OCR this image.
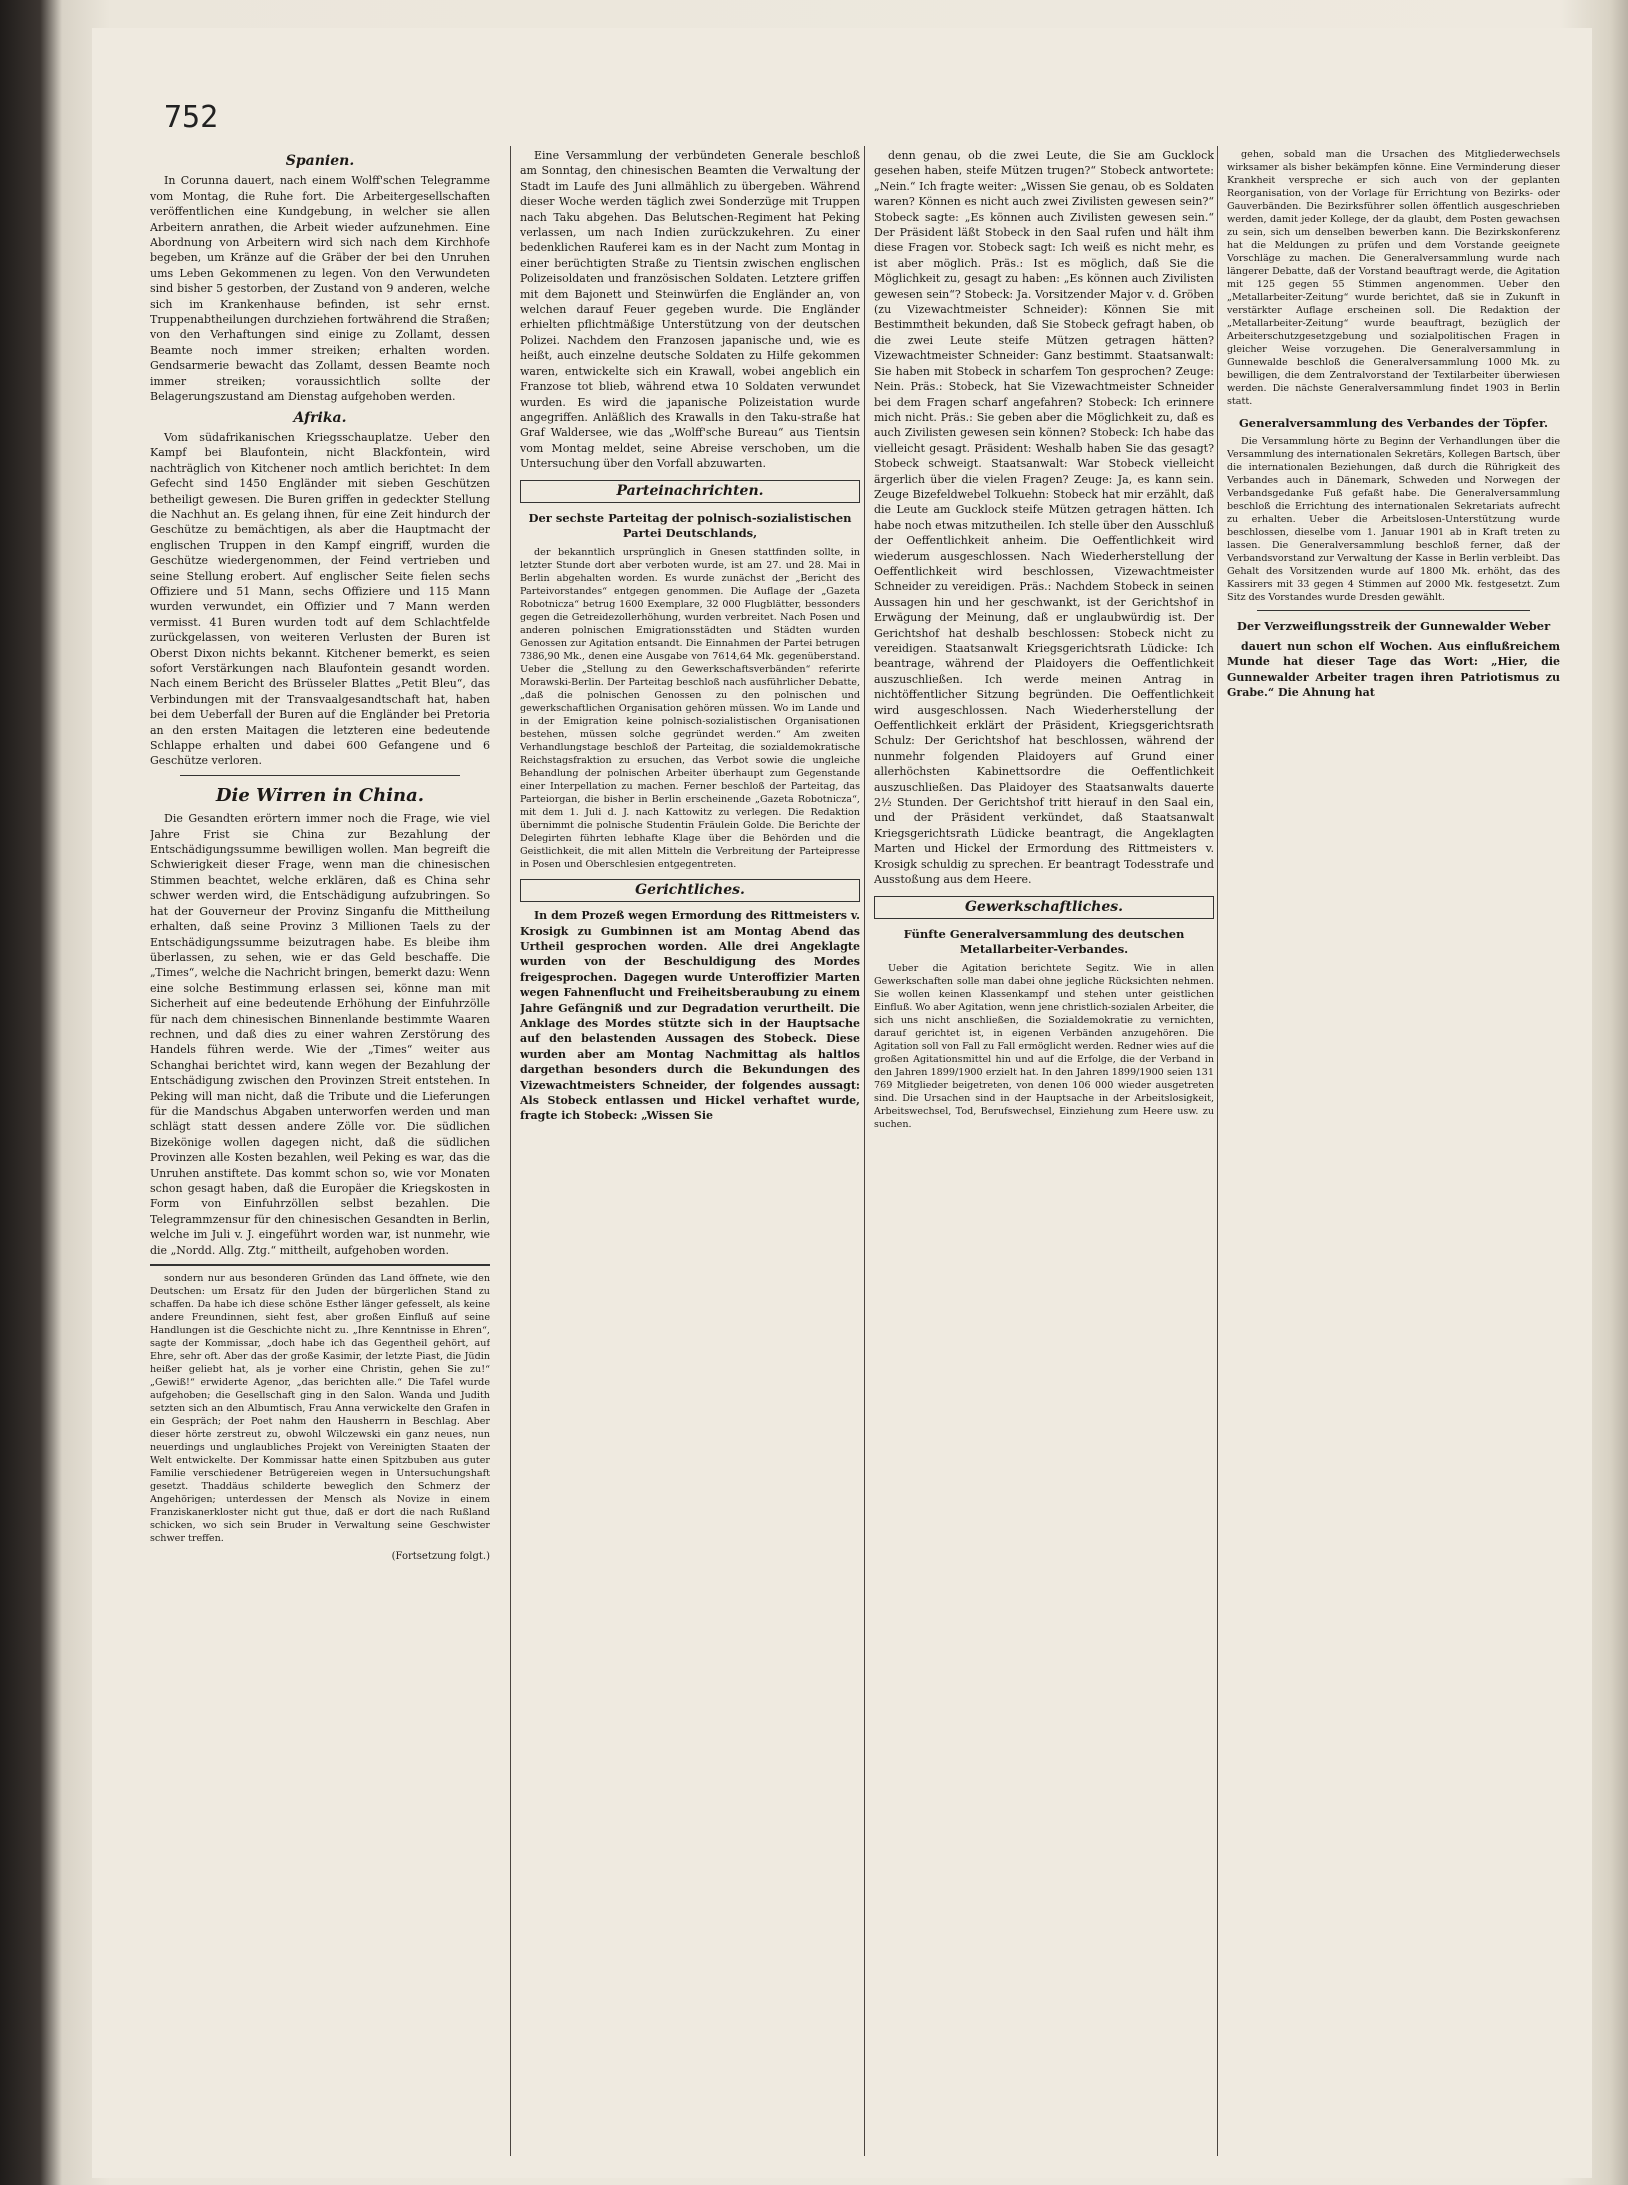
752
Spanien.

In Corunna dauert, nach einem Wolff'schen Telegramme vom Montag, die Ruhe fort. Die Arbeitergesellschaften veröffentlichen eine Kundgebung, in welcher sie allen Arbeitern anrathen, die Arbeit wieder aufzunehmen. Eine Abordnung von Arbeitern wird sich nach dem Kirchhofe begeben, um Kränze auf die Gräber der bei den Unruhen ums Leben Gekommenen zu legen. Von den Verwundeten sind bisher 5 gestorben, der Zustand von 9 anderen, welche sich im Krankenhause befinden, ist sehr ernst. Truppenabtheilungen durchziehen fortwährend die Straßen; von den Verhaftungen sind einige zu Zollamt, dessen Beamte noch immer streiken; erhalten worden. Gendsarmerie bewacht das Zollamt, dessen Beamte noch immer streiken; voraussichtlich sollte der Belagerungszustand am Dienstag aufgehoben werden.

Afrika.

Vom südafrikanischen Kriegsschauplatze. Ueber den Kampf bei Blaufontein, nicht Blackfontein, wird nachträglich von Kitchener noch amtlich berichtet: In dem Gefecht sind 1450 Engländer mit sieben Geschützen betheiligt gewesen. Die Buren griffen in gedeckter Stellung die Nachhut an. Es gelang ihnen, für eine Zeit hindurch der Geschütze zu bemächtigen, als aber die Hauptmacht der englischen Truppen in den Kampf eingriff, wurden die Geschütze wiedergenommen, der Feind vertrieben und seine Stellung erobert. Auf englischer Seite fielen sechs Offiziere und 51 Mann, sechs Offiziere und 115 Mann wurden verwundet, ein Offizier und 7 Mann werden vermisst. 41 Buren wurden todt auf dem Schlachtfelde zurückgelassen, von weiteren Verlusten der Buren ist Oberst Dixon nichts bekannt. Kitchener bemerkt, es seien sofort Verstärkungen nach Blaufontein gesandt worden. Nach einem Bericht des Brüsseler Blattes „Petit Bleu“, das Verbindungen mit der Transvaalgesandtschaft hat, haben bei dem Ueberfall der Buren auf die Engländer bei Pretoria an den ersten Maitagen die letzteren eine bedeutende Schlappe erhalten und dabei 600 Gefangene und 6 Geschütze verloren.

Die Wirren in China.

Die Gesandten erörtern immer noch die Frage, wie viel Jahre Frist sie China zur Bezahlung der Entschädigungssumme bewilligen wollen. Man begreift die Schwierigkeit dieser Frage, wenn man die chinesischen Stimmen beachtet, welche erklären, daß es China sehr schwer werden wird, die Entschädigung aufzubringen. So hat der Gouverneur der Provinz Singanfu die Mittheilung erhalten, daß seine Provinz 3 Millionen Taels zu der Entschädigungssumme beizutragen habe. Es bleibe ihm überlassen, zu sehen, wie er das Geld beschaffe. Die „Times“, welche die Nachricht bringen, bemerkt dazu: Wenn eine solche Bestimmung erlassen sei, könne man mit Sicherheit auf eine bedeutende Erhöhung der Einfuhrzölle für nach dem chinesischen Binnenlande bestimmte Waaren rechnen, und daß dies zu einer wahren Zerstörung des Handels führen werde. Wie der „Times“ weiter aus Schanghai berichtet wird, kann wegen der Bezahlung der Entschädigung zwischen den Provinzen Streit entstehen. In Peking will man nicht, daß die Tribute und die Lieferungen für die Mandschus Abgaben unterworfen werden und man schlägt statt dessen andere Zölle vor. Die südlichen Bizekönige wollen dagegen nicht, daß die südlichen Provinzen alle Kosten bezahlen, weil Peking es war, das die Unruhen anstiftete. Das kommt schon so, wie vor Monaten schon gesagt haben, daß die Europäer die Kriegskosten in Form von Einfuhrzöllen selbst bezahlen. Die Telegrammzensur für den chinesischen Gesandten in Berlin, welche im Juli v. J. eingeführt worden war, ist nunmehr, wie die „Nordd. Allg. Ztg.“ mittheilt, aufgehoben worden.

sondern nur aus besonderen Gründen das Land öffnete, wie den Deutschen: um Ersatz für den Juden der bürgerlichen Stand zu schaffen. Da habe ich diese schöne Esther länger gefesselt, als keine andere Freundinnen, sieht fest, aber großen Einfluß auf seine Handlungen ist die Geschichte nicht zu. „Ihre Kenntnisse in Ehren“, sagte der Kommissar, „doch habe ich das Gegentheil gehört, auf Ehre, sehr oft. Aber das der große Kasimir, der letzte Piast, die Jüdin heißer geliebt hat, als je vorher eine Christin, gehen Sie zu!“ „Gewiß!“ erwiderte Agenor, „das berichten alle.“ Die Tafel wurde aufgehoben; die Gesellschaft ging in den Salon. Wanda und Judith setzten sich an den Albumtisch, Frau Anna verwickelte den Grafen in ein Gespräch; der Poet nahm den Hausherrn in Beschlag. Aber dieser hörte zerstreut zu, obwohl Wilczewski ein ganz neues, nun neuerdings und unglaubliches Projekt von Vereinigten Staaten der Welt entwickelte. Der Kommissar hatte einen Spitzbuben aus guter Familie verschiedener Betrügereien wegen in Untersuchungshaft gesetzt. Thaddäus schilderte beweglich den Schmerz der Angehörigen; unterdessen der Mensch als Novize in einem Franziskanerkloster nicht gut thue, daß er dort die nach Rußland schicken, wo sich sein Bruder in Verwaltung seine Geschwister schwer treffen.

(Fortsetzung folgt.)

Eine Versammlung der verbündeten Generale beschloß am Sonntag, den chinesischen Beamten die Verwaltung der Stadt im Laufe des Juni allmählich zu übergeben. Während dieser Woche werden täglich zwei Sonderzüge mit Truppen nach Taku abgehen. Das Belutschen-Regiment hat Peking verlassen, um nach Indien zurückzukehren. Zu einer bedenklichen Rauferei kam es in der Nacht zum Montag in einer berüchtigten Straße zu Tientsin zwischen englischen Polizeisoldaten und französischen Soldaten. Letztere griffen mit dem Bajonett und Steinwürfen die Engländer an, von welchen darauf Feuer gegeben wurde. Die Engländer erhielten pflichtmäßige Unterstützung von der deutschen Polizei. Nachdem den Franzosen japanische und, wie es heißt, auch einzelne deutsche Soldaten zu Hilfe gekommen waren, entwickelte sich ein Krawall, wobei angeblich ein Franzose tot blieb, während etwa 10 Soldaten verwundet wurden. Es wird die japanische Polizeistation wurde angegriffen. Anläßlich des Krawalls in den Taku-straße hat Graf Waldersee, wie das „Wolff'sche Bureau“ aus Tientsin vom Montag meldet, seine Abreise verschoben, um die Untersuchung über den Vorfall abzuwarten.

Parteinachrichten.
Der sechste Parteitag der polnisch-sozialistischen Partei Deutschlands,

der bekanntlich ursprünglich in Gnesen stattfinden sollte, in letzter Stunde dort aber verboten wurde, ist am 27. und 28. Mai in Berlin abgehalten worden. Es wurde zunächst der „Bericht des Parteivorstandes“ entgegen genommen. Die Auflage der „Gazeta Robotnicza“ betrug 1600 Exemplare, 32 000 Flugblätter, bessonders gegen die Getreidezollerhöhung, wurden verbreitet. Nach Posen und anderen polnischen Emigrationsstädten und Städten wurden Genossen zur Agitation entsandt. Die Einnahmen der Partei betrugen 7386,90 Mk., denen eine Ausgabe von 7614,64 Mk. gegenüberstand. Ueber die „Stellung zu den Gewerkschaftsverbänden“ referirte Morawski-Berlin. Der Parteitag beschloß nach ausführlicher Debatte, „daß die polnischen Genossen zu den polnischen und gewerkschaftlichen Organisation gehören müssen. Wo im Lande und in der Emigration keine polnisch-sozialistischen Organisationen bestehen, müssen solche gegründet werden.“ Am zweiten Verhandlungstage beschloß der Parteitag, die sozialdemokratische Reichstagsfraktion zu ersuchen, das Verbot sowie die ungleiche Behandlung der polnischen Arbeiter überhaupt zum Gegenstande einer Interpellation zu machen. Ferner beschloß der Parteitag, das Parteiorgan, die bisher in Berlin erscheinende „Gazeta Robotnicza“, mit dem 1. Juli d. J. nach Kattowitz zu verlegen. Die Redaktion übernimmt die polnische Studentin Fräulein Golde. Die Berichte der Delegirten führten lebhafte Klage über die Behörden und die Geistlichkeit, die mit allen Mitteln die Verbreitung der Parteipresse in Posen und Oberschlesien entgegentreten.

Gerichtliches.

In dem Prozeß wegen Ermordung des Rittmeisters v. Krosigk zu Gumbinnen ist am Montag Abend das Urtheil gesprochen worden. Alle drei Angeklagte wurden von der Beschuldigung des Mordes freigesprochen. Dagegen wurde Unteroffizier Marten wegen Fahnenflucht und Freiheitsberaubung zu einem Jahre Gefängniß und zur Degradation verurtheilt. Die Anklage des Mordes stützte sich in der Hauptsache auf den belastenden Aussagen des Stobeck. Diese wurden aber am Montag Nachmittag als haltlos dargethan besonders durch die Bekundungen des Vizewachtmeisters Schneider, der folgendes aussagt: Als Stobeck entlassen und Hickel verhaftet wurde, fragte ich Stobeck: „Wissen Sie

denn genau, ob die zwei Leute, die Sie am Gucklock gesehen haben, steife Mützen trugen?“ Stobeck antwortete: „Nein.“ Ich fragte weiter: „Wissen Sie genau, ob es Soldaten waren? Können es nicht auch zwei Zivilisten gewesen sein?“ Stobeck sagte: „Es können auch Zivilisten gewesen sein.“ Der Präsident läßt Stobeck in den Saal rufen und hält ihm diese Fragen vor. Stobeck sagt: Ich weiß es nicht mehr, es ist aber möglich. Präs.: Ist es möglich, daß Sie die Möglichkeit zu, gesagt zu haben: „Es können auch Zivilisten gewesen sein“? Stobeck: Ja. Vorsitzender Major v. d. Gröben (zu Vizewachtmeister Schneider): Können Sie mit Bestimmtheit bekunden, daß Sie Stobeck gefragt haben, ob die zwei Leute steife Mützen getragen hätten? Vizewachtmeister Schneider: Ganz bestimmt. Staatsanwalt: Sie haben mit Stobeck in scharfem Ton gesprochen? Zeuge: Nein. Präs.: Stobeck, hat Sie Vizewachtmeister Schneider bei dem Fragen scharf angefahren? Stobeck: Ich erinnere mich nicht. Präs.: Sie geben aber die Möglichkeit zu, daß es auch Zivilisten gewesen sein können? Stobeck: Ich habe das vielleicht gesagt. Präsident: Weshalb haben Sie das gesagt? Stobeck schweigt. Staatsanwalt: War Stobeck vielleicht ärgerlich über die vielen Fragen? Zeuge: Ja, es kann sein. Zeuge Bizefeldwebel Tolkuehn: Stobeck hat mir erzählt, daß die Leute am Gucklock steife Mützen getragen hätten. Ich habe noch etwas mitzutheilen. Ich stelle über den Ausschluß der Oeffentlichkeit anheim. Die Oeffentlichkeit wird wiederum ausgeschlossen. Nach Wiederherstellung der Oeffentlichkeit wird beschlossen, Vizewachtmeister Schneider zu vereidigen. Präs.: Nachdem Stobeck in seinen Aussagen hin und her geschwankt, ist der Gerichtshof in Erwägung der Meinung, daß er unglaubwürdig ist. Der Gerichtshof hat deshalb beschlossen: Stobeck nicht zu vereidigen. Staatsanwalt Kriegsgerichtsrath Lüdicke: Ich beantrage, während der Plaidoyers die Oeffentlichkeit auszuschließen. Ich werde meinen Antrag in nichtöffentlicher Sitzung begründen. Die Oeffentlichkeit wird ausgeschlossen. Nach Wiederherstellung der Oeffentlichkeit erklärt der Präsident, Kriegsgerichtsrath Schulz: Der Gerichtshof hat beschlossen, während der nunmehr folgenden Plaidoyers auf Grund einer allerhöchsten Kabinettsordre die Oeffentlichkeit auszuschließen. Das Plaidoyer des Staatsanwalts dauerte 2½ Stunden. Der Gerichtshof tritt hierauf in den Saal ein, und der Präsident verkündet, daß Staatsanwalt Kriegsgerichtsrath Lüdicke beantragt, die Angeklagten Marten und Hickel der Ermordung des Rittmeisters v. Krosigk schuldig zu sprechen. Er beantragt Todesstrafe und Ausstoßung aus dem Heere.

Gewerkschaftliches.
Fünfte Generalversammlung des deutschen Metallarbeiter-Verbandes.

Ueber die Agitation berichtete Segitz. Wie in allen Gewerkschaften solle man dabei ohne jegliche Rücksichten nehmen. Sie wollen keinen Klassenkampf und stehen unter geistlichen Einfluß. Wo aber Agitation, wenn jene christlich-sozialen Arbeiter, die sich uns nicht anschließen, die Sozialdemokratie zu vernichten, darauf gerichtet ist, in eigenen Verbänden anzugehören. Die Agitation soll von Fall zu Fall ermöglicht werden. Redner wies auf die großen Agitationsmittel hin und auf die Erfolge, die der Verband in den Jahren 1899/1900 erzielt hat. In den Jahren 1899/1900 seien 131 769 Mitglieder beigetreten, von denen 106 000 wieder ausgetreten sind. Die Ursachen sind in der Hauptsache in der Arbeitslosigkeit, Arbeitswechsel, Tod, Berufswechsel, Einziehung zum Heere usw. zu suchen.

gehen, sobald man die Ursachen des Mitgliederwechsels wirksamer als bisher bekämpfen könne. Eine Verminderung dieser Krankheit verspreche er sich auch von der geplanten Reorganisation, von der Vorlage für Errichtung von Bezirks- oder Gauverbänden. Die Bezirksführer sollen öffentlich ausgeschrieben werden, damit jeder Kollege, der da glaubt, dem Posten gewachsen zu sein, sich um denselben bewerben kann. Die Bezirkskonferenz hat die Meldungen zu prüfen und dem Vorstande geeignete Vorschläge zu machen. Die Generalversammlung wurde nach längerer Debatte, daß der Vorstand beauftragt werde, die Agitation mit 125 gegen 55 Stimmen angenommen. Ueber den „Metallarbeiter-Zeitung“ wurde berichtet, daß sie in Zukunft in verstärkter Auflage erscheinen soll. Die Redaktion der „Metallarbeiter-Zeitung“ wurde beauftragt, bezüglich der Arbeiterschutzgesetzgebung und sozialpolitischen Fragen in gleicher Weise vorzugehen. Die Generalversammlung in Gunnewalde beschloß die Generalversammlung 1000 Mk. zu bewilligen, die dem Zentralvorstand der Textilarbeiter überwiesen werden. Die nächste Generalversammlung findet 1903 in Berlin statt.

Generalversammlung des Verbandes der Töpfer.

Die Versammlung hörte zu Beginn der Verhandlungen über die Versammlung des internationalen Sekretärs, Kollegen Bartsch, über die internationalen Beziehungen, daß durch die Rührigkeit des Verbandes auch in Dänemark, Schweden und Norwegen der Verbandsgedanke Fuß gefaßt habe. Die Generalversammlung beschloß die Errichtung des internationalen Sekretariats aufrecht zu erhalten. Ueber die Arbeitslosen-Unterstützung wurde beschlossen, dieselbe vom 1. Januar 1901 ab in Kraft treten zu lassen. Die Generalversammlung beschloß ferner, daß der Verbandsvorstand zur Verwaltung der Kasse in Berlin verbleibt. Das Gehalt des Vorsitzenden wurde auf 1800 Mk. erhöht, das des Kassirers mit 33 gegen 4 Stimmen auf 2000 Mk. festgesetzt. Zum Sitz des Vorstandes wurde Dresden gewählt.

Der Verzweiflungsstreik der Gunnewalder Weber

dauert nun schon elf Wochen. Aus einflußreichem Munde hat dieser Tage das Wort: „Hier, die Gunnewalder Arbeiter tragen ihren Patriotismus zu Grabe.“ Die Ahnung hat
